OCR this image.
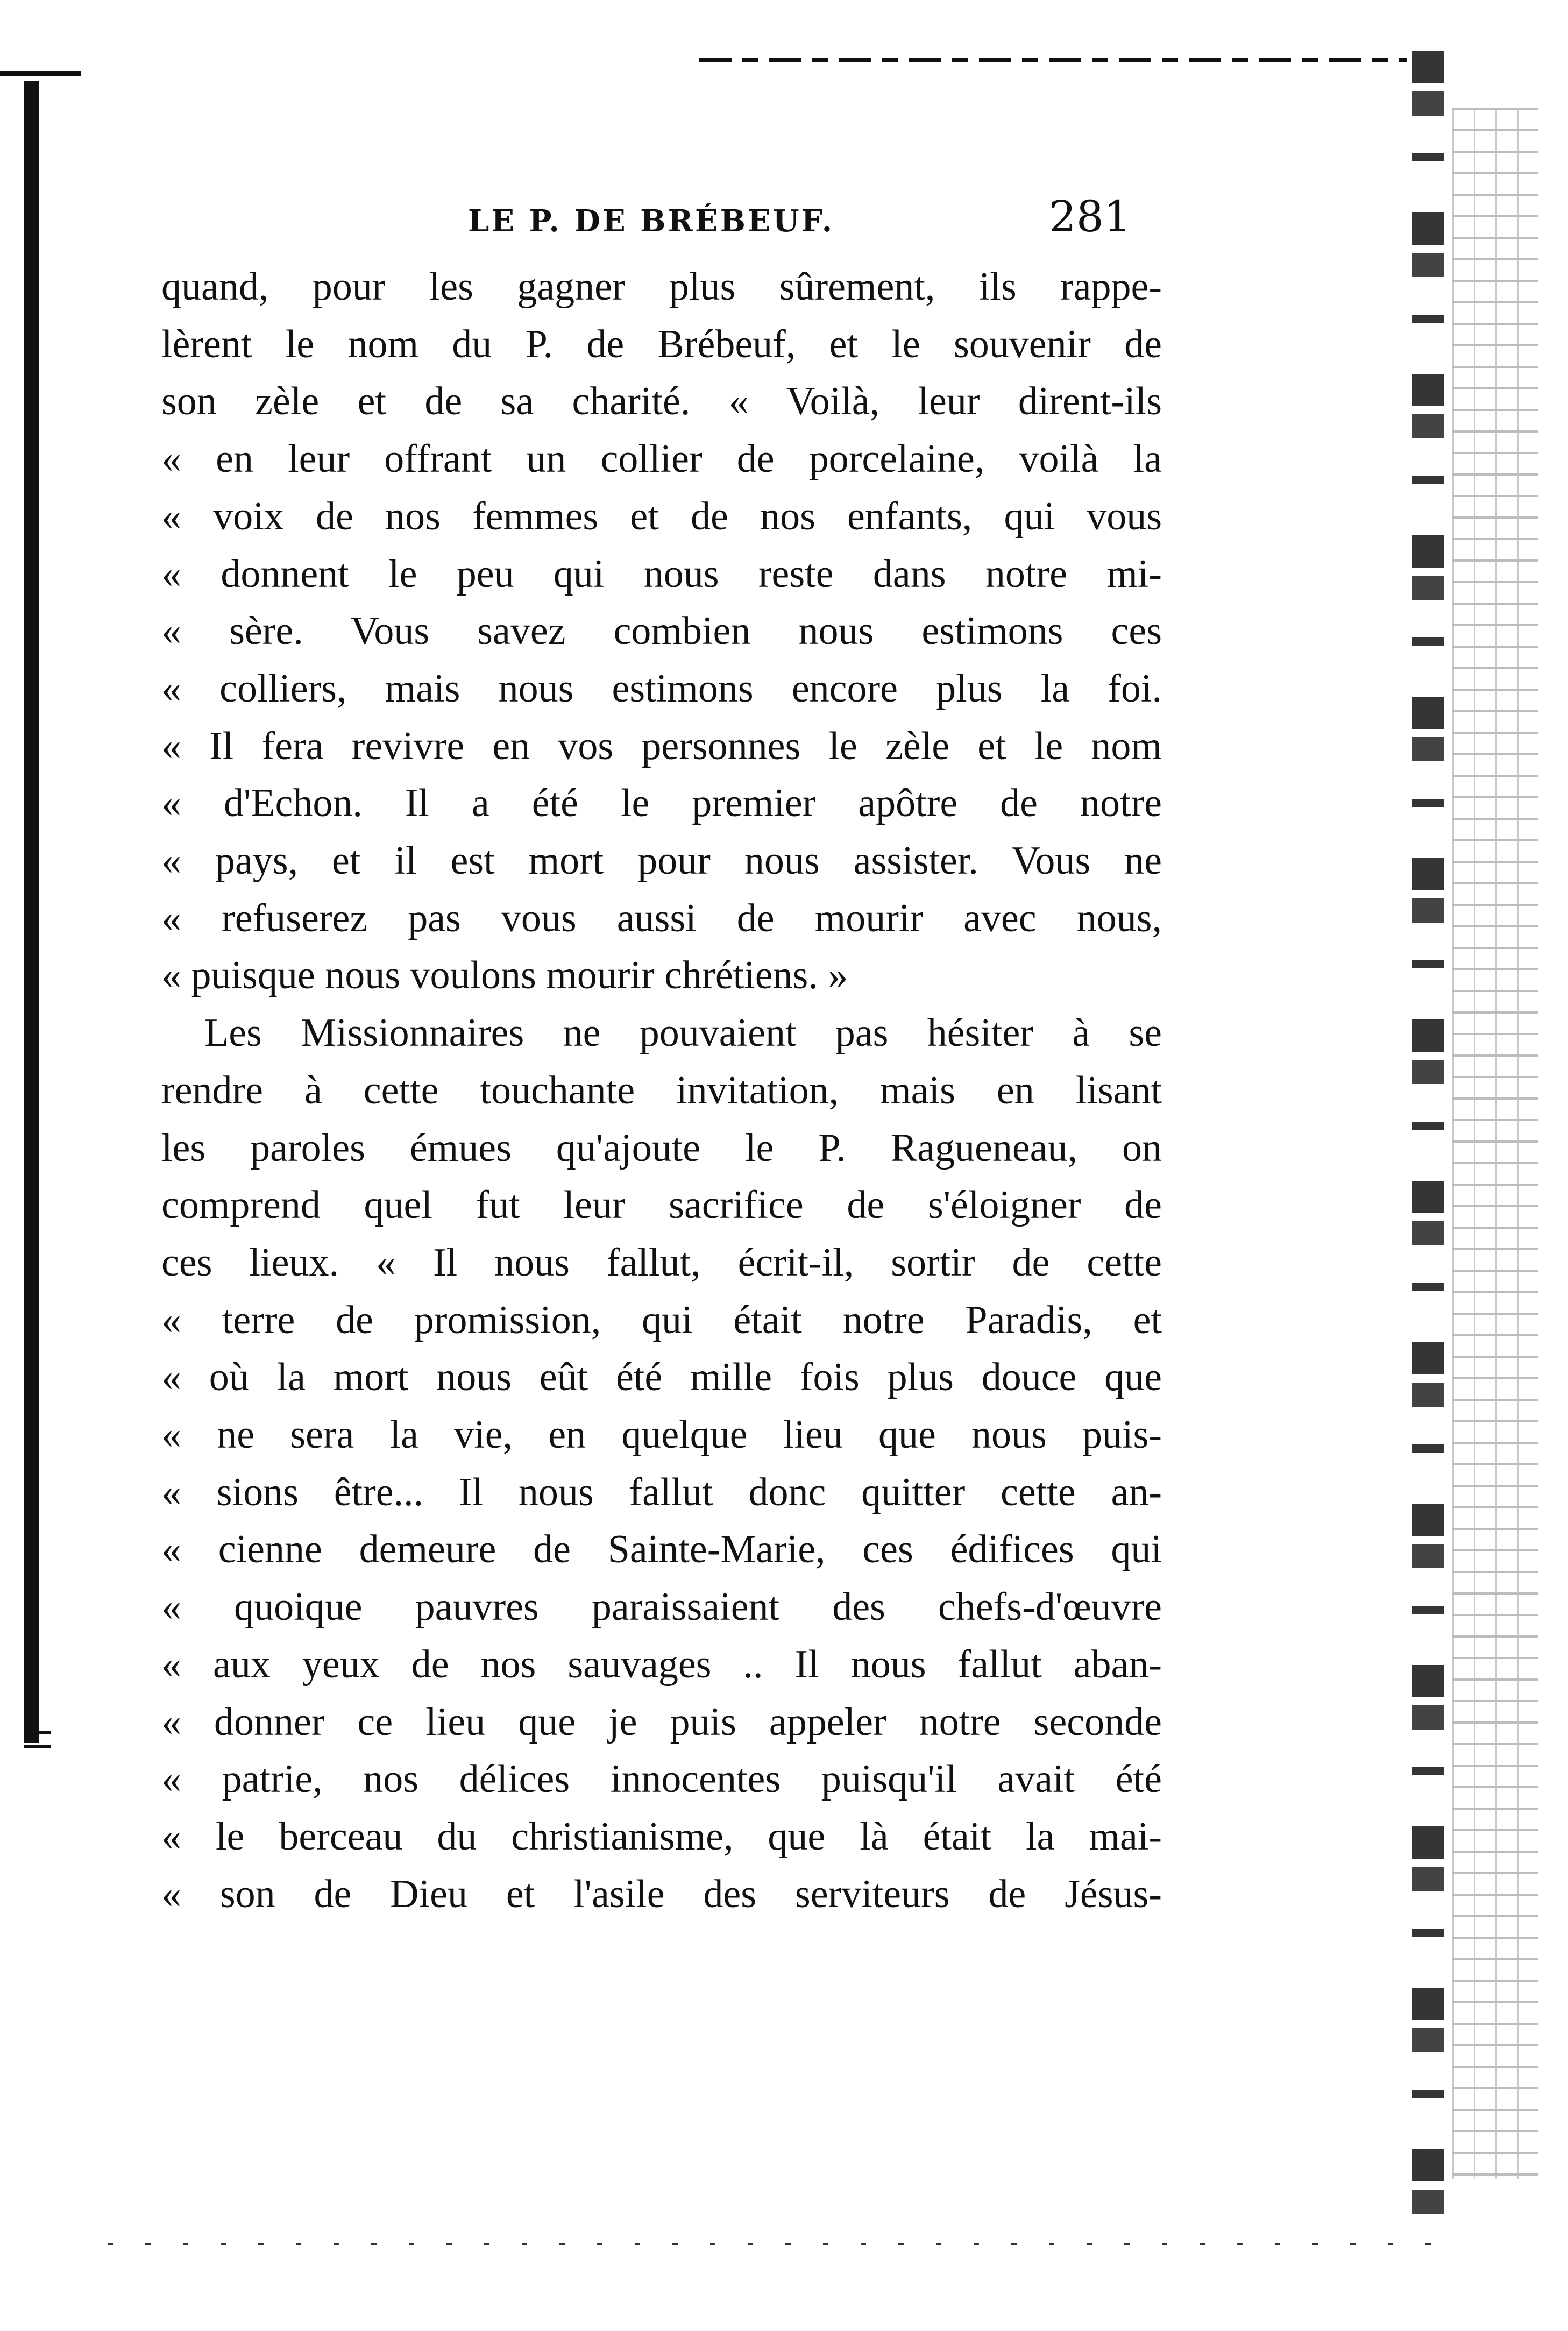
LE P. DE BRÉBEUF.	281
quand, pour les gagner plus sûrement, ils rappe-
lèrent le nom du P. de Brébeuf, et le souvenir de
son zèle et de sa charité. « Voilà, leur dirent-ils
« en leur offrant un collier de porcelaine, voilà la
« voix de nos femmes et de nos enfants, qui vous
« donnent le peu qui nous reste dans notre mi-
« sère. Vous savez combien nous estimons ces
« colliers, mais nous estimons encore plus la foi.
« Il fera revivre en vos personnes le zèle et le nom
« d'Echon. Il a été le premier apôtre de notre
« pays, et il est mort pour nous assister. Vous ne
« refuserez pas vous aussi de mourir avec nous,
« puisque nous voulons mourir chrétiens. »
Les Missionnaires ne pouvaient pas hésiter à se
rendre à cette touchante invitation, mais en lisant
les paroles émues qu'ajoute le P. Ragueneau, on
comprend quel fut leur sacrifice de s'éloigner de
ces lieux. « Il nous fallut, écrit-il, sortir de cette
« terre de promission, qui était notre Paradis, et
« où la mort nous eût été mille fois plus douce que
« ne sera la vie, en quelque lieu que nous puis-
« sions être... Il nous fallut donc quitter cette an-
« cienne demeure de Sainte-Marie, ces édifices qui
« quoique pauvres paraissaient des chefs-d'œuvre
« aux yeux de nos sauvages .. Il nous fallut aban-
« donner ce lieu que je puis appeler notre seconde
« patrie, nos délices innocentes puisqu'il avait été
« le berceau du christianisme, que là était la mai-
« son de Dieu et l'asile des serviteurs de Jésus-
